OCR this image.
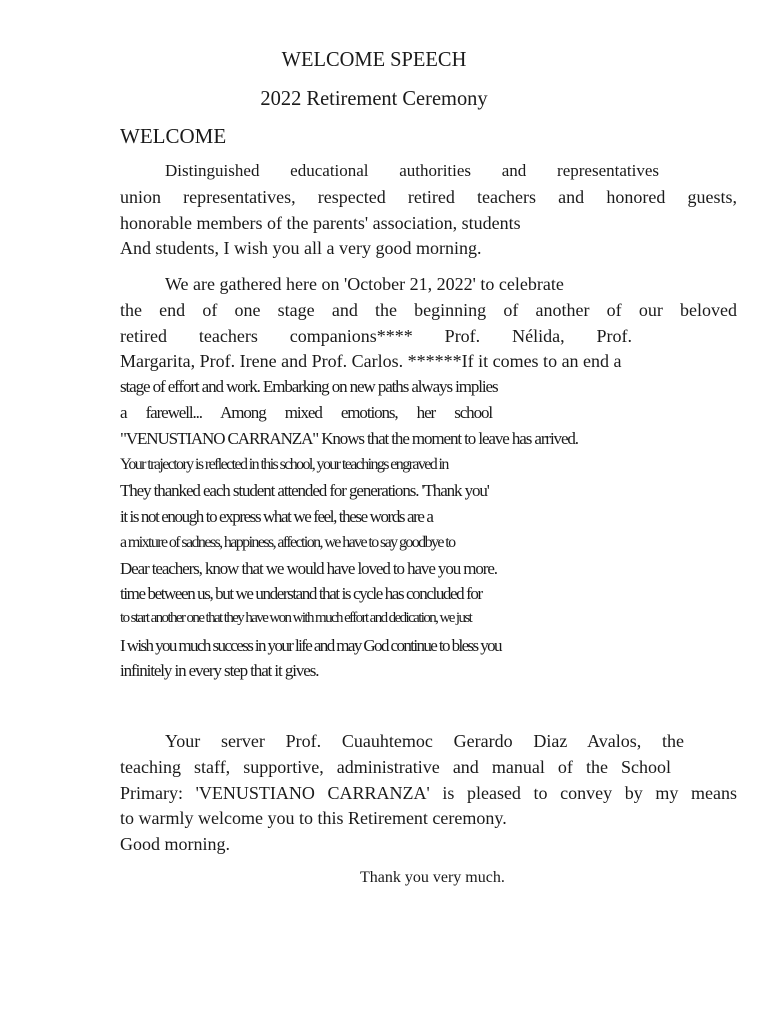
WELCOME SPEECH
2022 Retirement Ceremony
WELCOME
Distinguished educational authorities and representatives
union representatives, respected retired teachers and honored guests,
honorable members of the parents' association, students
And students, I wish you all a very good morning.
We are gathered here on 'October 21, 2022' to celebrate
the end of one stage and the beginning of another of our beloved
retired teachers companions**** Prof. Nélida, Prof.
Margarita, Prof. Irene and Prof. Carlos. ******If it comes to an end a
stage of effort and work. Embarking on new paths always implies
a farewell... Among mixed emotions, her school
"VENUSTIANO CARRANZA" Knows that the moment to leave has arrived.
Your trajectory is reflected in this school, your teachings engraved in
They thanked each student attended for generations. 'Thank you'
it is not enough to express what we feel, these words are a
a mixture of sadness, happiness, affection, we have to say goodbye to
Dear teachers, know that we would have loved to have you more.
time between us, but we understand that is cycle has concluded for
to start another one that they have won with much effort and dedication, we just
I wish you much success in your life and may God continue to bless you
infinitely in every step that it gives.
Your server Prof. Cuauhtemoc Gerardo Diaz Avalos, the
teaching staff, supportive, administrative and manual of the School
Primary: 'VENUSTIANO CARRANZA' is pleased to convey by my means
to warmly welcome you to this Retirement ceremony.
Good morning.
Thank you very much.
